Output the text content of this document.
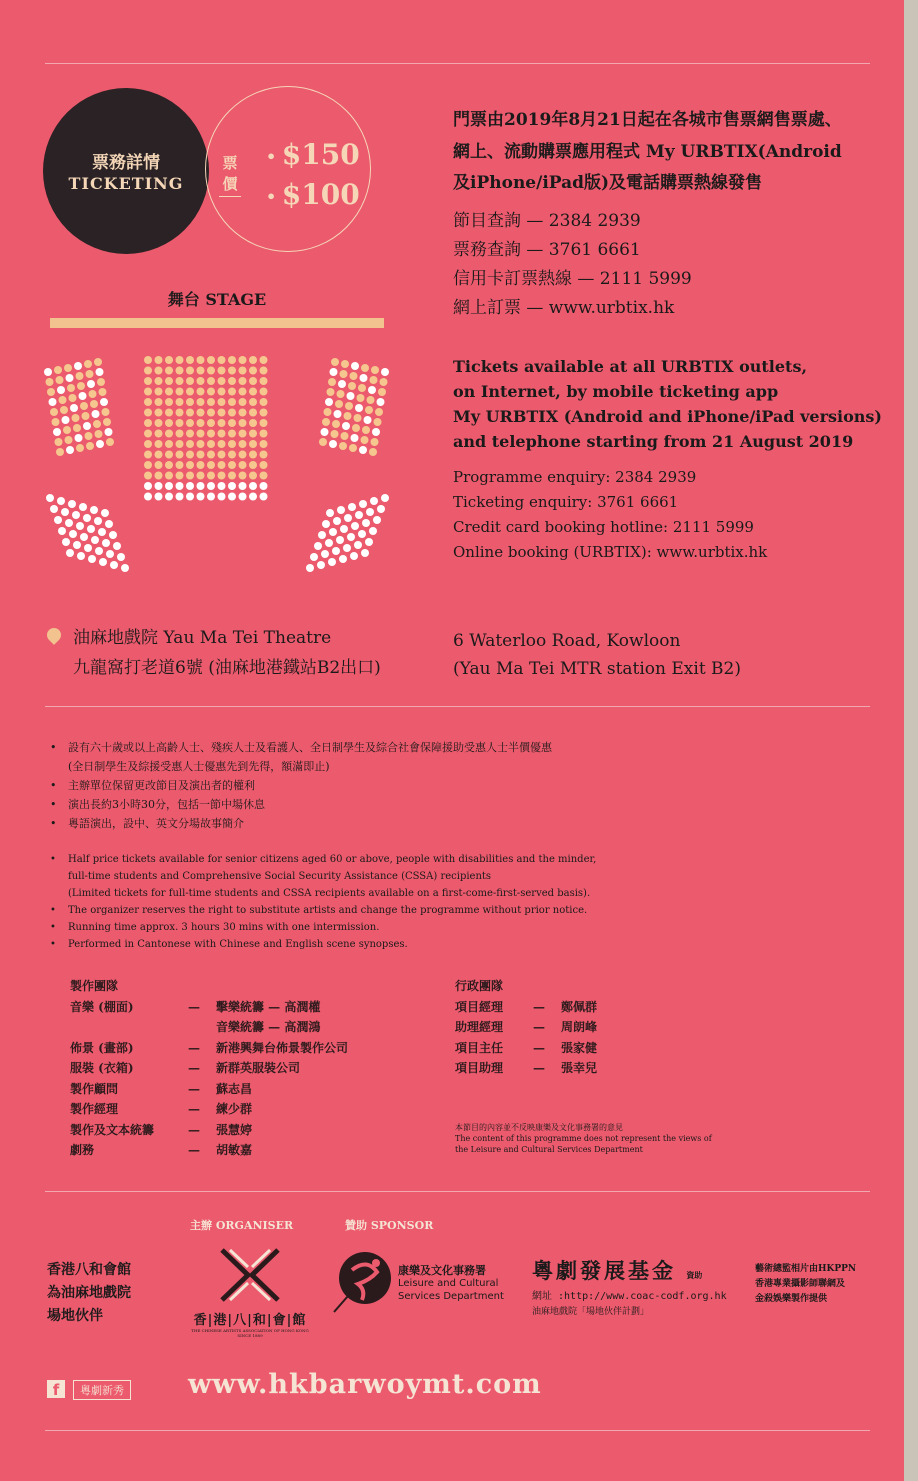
票務詳情
TICKETING
票價
• $150
• $100
舞台 STAGE
門票由2019年8月21日起在各城市售票網售票處、
網上、流動購票應用程式 My URBTIX(Android
及iPhone/iPad版)及電話購票熱線發售
節目查詢 — 2384 2939
票務查詢 — 3761 6661
信用卡訂票熱線 — 2111 5999
網上訂票 — www.urbtix.hk
Tickets available at all URBTIX outlets,
on Internet, by mobile ticketing app
My URBTIX (Android and iPhone/iPad versions)
and telephone starting from 21 August 2019
Programme enquiry: 2384 2939
Ticketing enquiry: 3761 6661
Credit card booking hotline: 2111 5999
Online booking (URBTIX): www.urbtix.hk
油麻地戲院 Yau Ma Tei Theatre
九龍窩打老道6號 (油麻地港鐵站B2出口)
6 Waterloo Road, Kowloon
(Yau Ma Tei MTR station Exit B2)
• 設有六十歲或以上高齡人士、殘疾人士及看護人、全日制學生及綜合社會保障援助受惠人士半價優惠
(全日制學生及綜援受惠人士優惠先到先得，額滿即止)
• 主辦單位保留更改節目及演出者的權利
• 演出長約3小時30分，包括一節中場休息
• 粵語演出，設中、英文分場故事簡介
• Half price tickets available for senior citizens aged 60 or above, people with disabilities and the minder,
full-time students and Comprehensive Social Security Assistance (CSSA) recipients
(Limited tickets for full-time students and CSSA recipients available on a first-come-first-served basis).
• The organizer reserves the right to substitute artists and change the programme without prior notice.
• Running time approx. 3 hours 30 mins with one intermission.
• Performed in Cantonese with Chinese and English scene synopses.
製作團隊
音樂 (棚面)	—	擊樂統籌 — 高潤權
音樂統籌 — 高潤鴻
佈景 (畫部)	—	新港興舞台佈景製作公司
服裝 (衣箱)	—	新群英服裝公司
製作顧問	—	蘇志昌
製作經理	—	練少群
製作及文本統籌	—	張慧婷
劇務	—	胡敏嘉
行政團隊
項目經理	—	鄭佩群
助理經理	—	周朗峰
項目主任	—	張家健
項目助理	—	張幸兒
本節目的內容並不反映康樂及文化事務署的意見
The content of this programme does not represent the views of
the Leisure and Cultural Services Department
主辦 ORGANISER	贊助 SPONSOR
香港八和會館
為油麻地戲院
場地伙伴	香|港|八|和|會|館
THE CHINESE ARTISTS ASSOCIATION OF HONG KONG
SINCE 1889
康樂及文化事務署
Leisure and Cultural
Services Department
粵劇發展基金 資助
網址 :http://www.coac-codf.org.hk
油麻地戲院「場地伙伴計劃」
藝術總監相片由HKPPN
香港專業攝影師聯網及
金殺娛樂製作提供
f	粵劇新秀 www.hkbarwoymt.com
